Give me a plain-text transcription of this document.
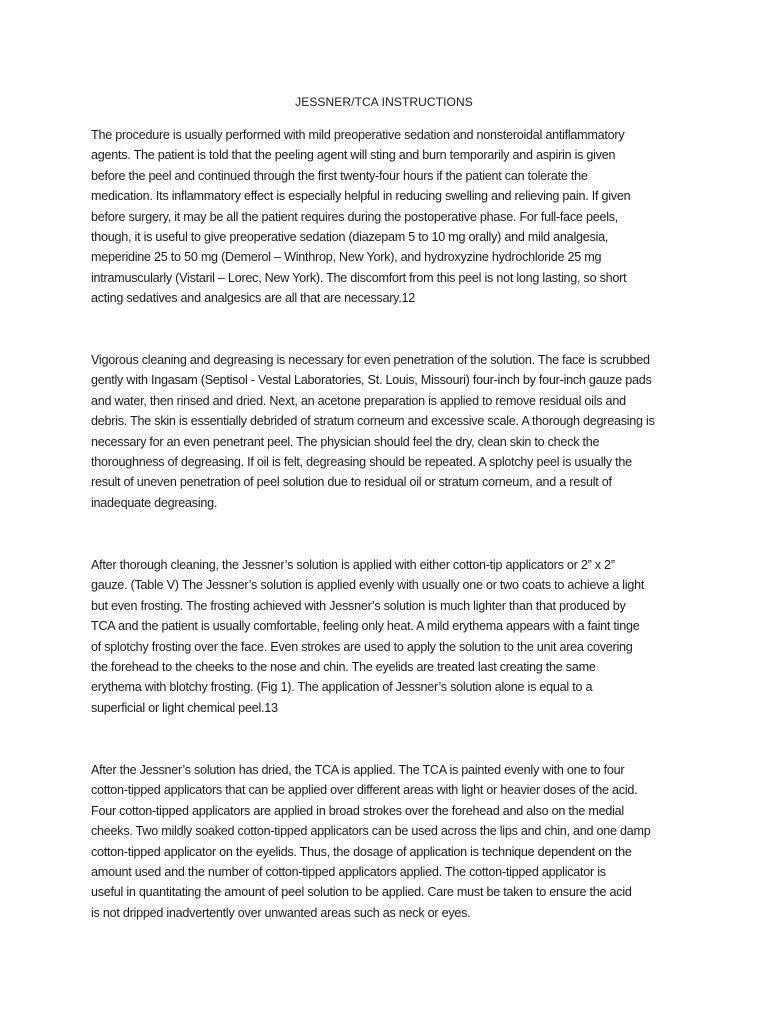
JESSNER/TCA INSTRUCTIONS
The procedure is usually performed with mild preoperative sedation and nonsteroidal antiflammatory
agents. The patient is told that the peeling agent will sting and burn temporarily and aspirin is given
before the peel and continued through the first twenty-four hours if the patient can tolerate the
medication. Its inflammatory effect is especially helpful in reducing swelling and relieving pain. If given
before surgery, it may be all the patient requires during the postoperative phase. For full-face peels,
though, it is useful to give preoperative sedation (diazepam 5 to 10 mg orally) and mild analgesia,
meperidine 25 to 50 mg (Demerol – Winthrop, New York), and hydroxyzine hydrochloride 25 mg
intramuscularly (Vistaril – Lorec, New York). The discomfort from this peel is not long lasting, so short
acting sedatives and analgesics are all that are necessary.12
Vigorous cleaning and degreasing is necessary for even penetration of the solution. The face is scrubbed
gently with Ingasam (Septisol - Vestal Laboratories, St. Louis, Missouri) four-inch by four-inch gauze pads
and water, then rinsed and dried. Next, an acetone preparation is applied to remove residual oils and
debris. The skin is essentially debrided of stratum corneum and excessive scale. A thorough degreasing is
necessary for an even penetrant peel. The physician should feel the dry, clean skin to check the
thoroughness of degreasing. If oil is felt, degreasing should be repeated. A splotchy peel is usually the
result of uneven penetration of peel solution due to residual oil or stratum corneum, and a result of
inadequate degreasing.
After thorough cleaning, the Jessner’s solution is applied with either cotton-tip applicators or 2” x 2”
gauze. (Table V) The Jessner’s solution is applied evenly with usually one or two coats to achieve a light
but even frosting. The frosting achieved with Jessner’s solution is much lighter than that produced by
TCA and the patient is usually comfortable, feeling only heat. A mild erythema appears with a faint tinge
of splotchy frosting over the face. Even strokes are used to apply the solution to the unit area covering
the forehead to the cheeks to the nose and chin. The eyelids are treated last creating the same
erythema with blotchy frosting. (Fig 1). The application of Jessner’s solution alone is equal to a
superficial or light chemical peel.13
After the Jessner’s solution has dried, the TCA is applied. The TCA is painted evenly with one to four
cotton-tipped applicators that can be applied over different areas with light or heavier doses of the acid.
Four cotton-tipped applicators are applied in broad strokes over the forehead and also on the medial
cheeks. Two mildly soaked cotton-tipped applicators can be used across the lips and chin, and one damp
cotton-tipped applicator on the eyelids. Thus, the dosage of application is technique dependent on the
amount used and the number of cotton-tipped applicators applied. The cotton-tipped applicator is
useful in quantitating the amount of peel solution to be applied. Care must be taken to ensure the acid
is not dripped inadvertently over unwanted areas such as neck or eyes.
